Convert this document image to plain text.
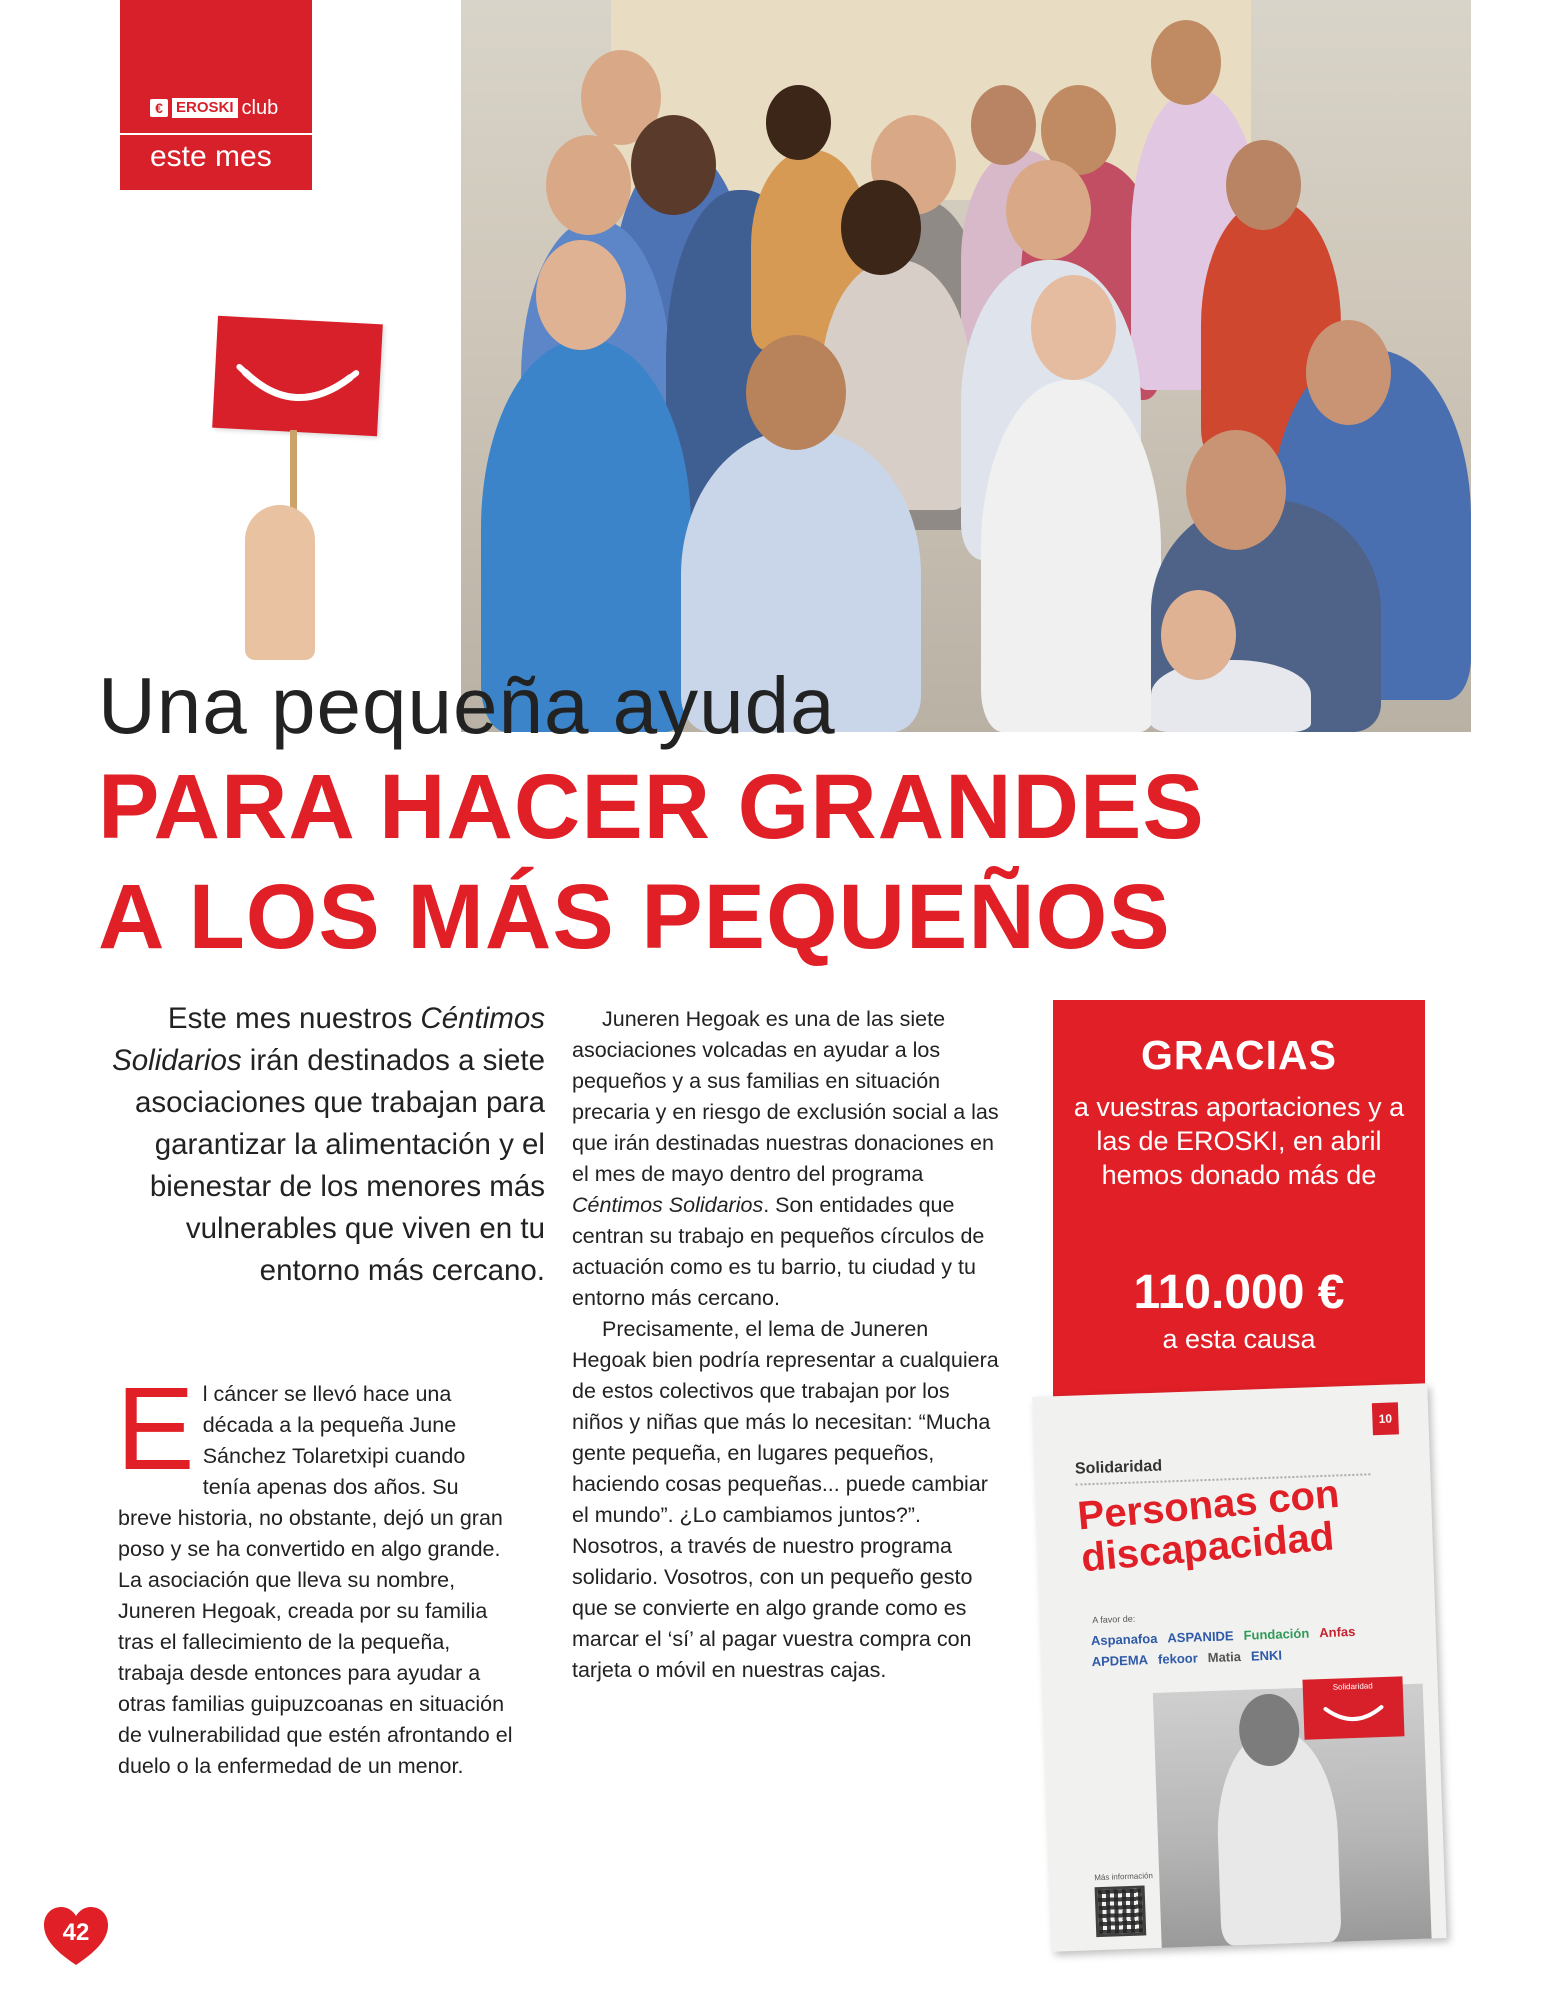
€ EROSKI club
este mes
Una pequeña ayuda
PARA HACER GRANDES
A LOS MÁS PEQUEÑOS
Este mes nuestros Céntimos Solidarios irán destinados a siete asociaciones que trabajan para garantizar la alimentación y el bienestar de los menores más vulnerables que viven en tu entorno más cercano.
E l cáncer se llevó hace una década a la pequeña June Sánchez Tolaretxipi cuando tenía apenas dos años. Su breve historia, no obstante, dejó un gran poso y se ha convertido en algo grande. La asociación que lleva su nombre, Juneren Hegoak, creada por su familia tras el fallecimiento de la pequeña, trabaja desde entonces para ayudar a otras familias guipuzcoanas en situación de vulnerabilidad que estén afrontando el duelo o la enfermedad de un menor.

Juneren Hegoak es una de las siete asociaciones volcadas en ayudar a los pequeños y a sus familias en situación precaria y en riesgo de exclusión social a las que irán destinadas nuestras donaciones en el mes de mayo dentro del programa Céntimos Solidarios. Son entidades que centran su trabajo en pequeños círculos de actuación como es tu barrio, tu ciudad y tu entorno más cercano.

Precisamente, el lema de Juneren Hegoak bien podría representar a cualquiera de estos colectivos que trabajan por los niños y niñas que más lo necesitan: “Mucha gente pequeña, en lugares pequeños, haciendo cosas pequeñas... puede cambiar el mundo”. ¿Lo cambiamos juntos?”. Nosotros, a través de nuestro programa solidario. Vosotros, con un pequeño gesto que se convierte en algo grande como es marcar el ‘sí’ al pagar vuestra compra con tarjeta o móvil en nuestras cajas.

GRACIAS
a vuestras aportaciones y a las de EROSKI, en abril hemos donado más de
110.000 €
a esta causa
10
Solidaridad
Personas con discapacidad
A favor de:
Aspanafoa ASPANIDE Fundación Anfas
APDEMA fekoor Matia ENKI
Solidaridad
Más información
42
